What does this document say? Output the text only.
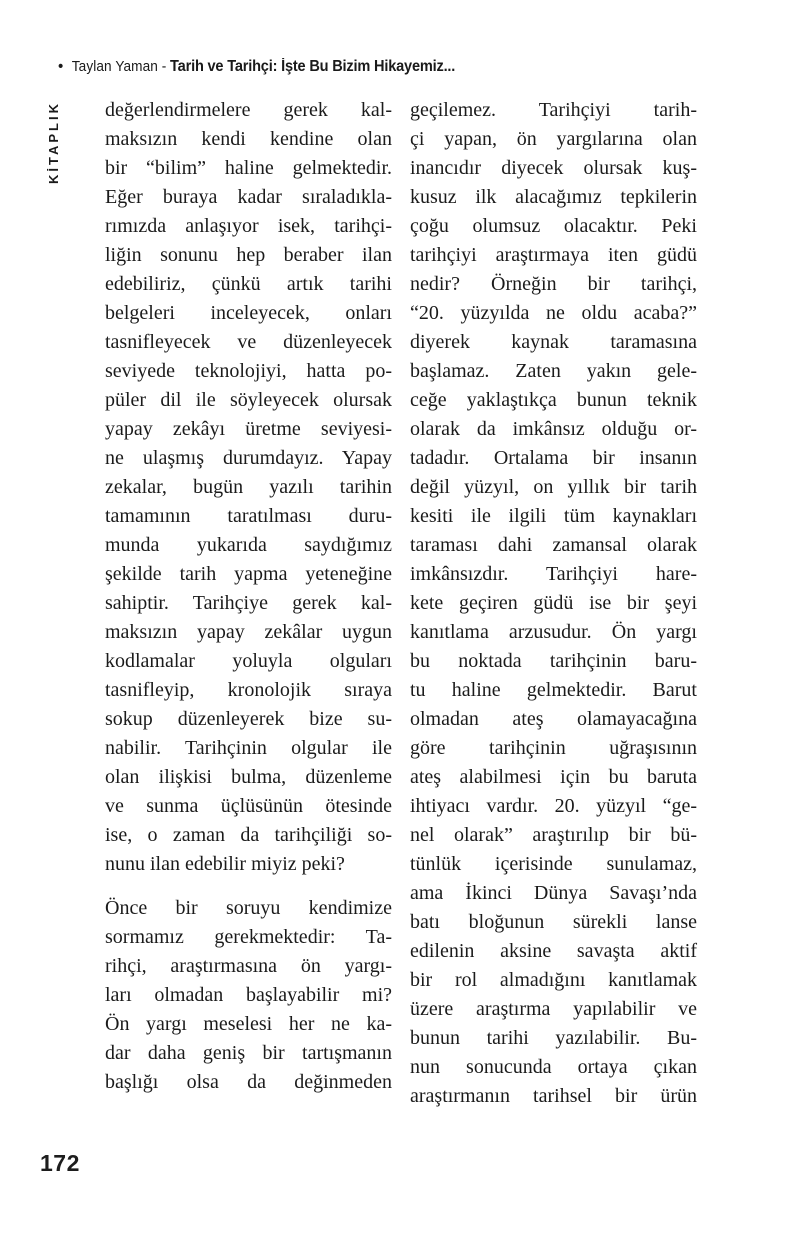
• Taylan Yaman - Tarih ve Tarihçi: İşte Bu Bizim Hikayemiz...
KİTAPLIK değerlendirmelere gerek kal-
maksızın kendi kendine olan
bir “bilim” haline gelmektedir.
Eğer buraya kadar sıraladıkla-
rımızda anlaşıyor isek, tarihçi-
liğin sonunu hep beraber ilan
edebiliriz, çünkü artık tarihi
belgeleri inceleyecek, onları
tasnifleyecek ve düzenleyecek
seviyede teknolojiyi, hatta po-
püler dil ile söyleyecek olursak
yapay zekâyı üretme seviyesi-
ne ulaşmış durumdayız. Yapay
zekalar, bugün yazılı tarihin
tamamının taratılması duru-
munda yukarıda saydığımız
şekilde tarih yapma yeteneğine
sahiptir. Tarihçiye gerek kal-
maksızın yapay zekâlar uygun
kodlamalar yoluyla olguları
tasnifleyip, kronolojik sıraya
sokup düzenleyerek bize su-
nabilir. Tarihçinin olgular ile
olan ilişkisi bulma, düzenleme
ve sunma üçlüsünün ötesinde
ise, o zaman da tarihçiliği so-
nunu ilan edebilir miyiz peki?
Önce bir soruyu kendimize
sormamız gerekmektedir: Ta-
rihçi, araştırmasına ön yargı-
ları olmadan başlayabilir mi?
Ön yargı meselesi her ne ka-
dar daha geniş bir tartışmanın
başlığı olsa da değinmeden
geçilemez. Tarihçiyi tarih-
çi yapan, ön yargılarına olan
inancıdır diyecek olursak kuş-
kusuz ilk alacağımız tepkilerin
çoğu olumsuz olacaktır. Peki
tarihçiyi araştırmaya iten güdü
nedir? Örneğin bir tarihçi,
“20. yüzyılda ne oldu acaba?”
diyerek kaynak taramasına
başlamaz. Zaten yakın gele-
ceğe yaklaştıkça bunun teknik
olarak da imkânsız olduğu or-
tadadır. Ortalama bir insanın
değil yüzyıl, on yıllık bir tarih
kesiti ile ilgili tüm kaynakları
taraması dahi zamansal olarak
imkânsızdır. Tarihçiyi hare-
kete geçiren güdü ise bir şeyi
kanıtlama arzusudur. Ön yargı
bu noktada tarihçinin baru-
tu haline gelmektedir. Barut
olmadan ateş olamayacağına
göre tarihçinin uğraşısının
ateş alabilmesi için bu baruta
ihtiyacı vardır. 20. yüzyıl “ge-
nel olarak” araştırılıp bir bü-
tünlük içerisinde sunulamaz,
ama İkinci Dünya Savaşı’nda
batı bloğunun sürekli lanse
edilenin aksine savaşta aktif
bir rol almadığını kanıtlamak
üzere araştırma yapılabilir ve
bunun tarihi yazılabilir. Bu-
nun sonucunda ortaya çıkan
araştırmanın tarihsel bir ürün
172
